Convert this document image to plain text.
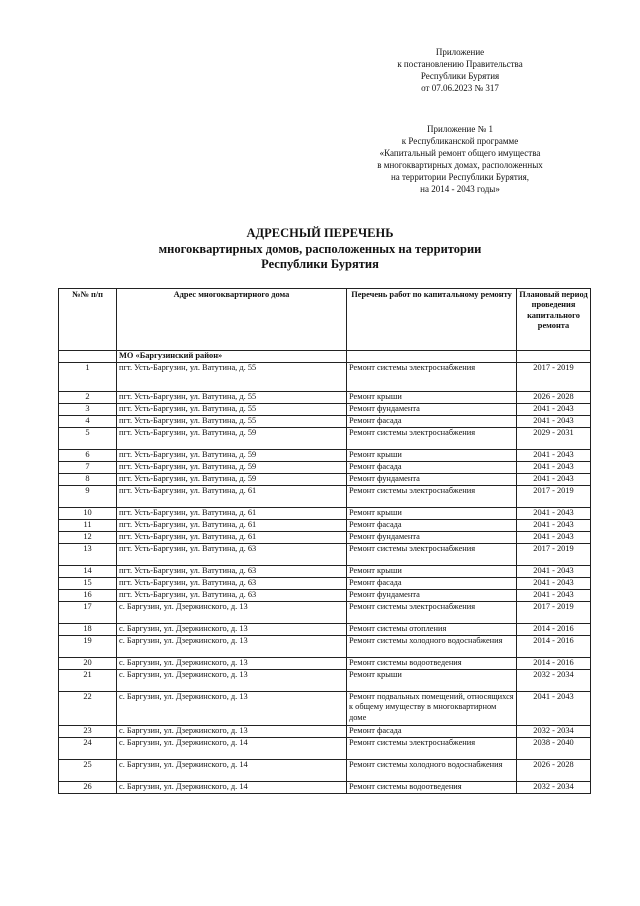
Приложение
к постановлению Правительства
Республики Бурятия
от 07.06.2023 № 317
Приложение № 1
к Республиканской программе
«Капитальный ремонт общего имущества
в многоквартирных домах, расположенных
на территории Республики Бурятия,
на 2014 - 2043 годы»
АДРЕСНЫЙ ПЕРЕЧЕНЬ
многоквартирных домов, расположенных на территории
Республики Бурятия
№№ п/п	Адрес многоквартирного дома	Перечень работ по капитальному ремонту	Плановый период проведения капитального ремонта
	МО «Баргузинский район»		
1	пгт. Усть-Баргузин, ул. Ватутина, д. 55	Ремонт системы электроснабжения	2017 - 2019
2	пгт. Усть-Баргузин, ул. Ватутина, д. 55	Ремонт крыши	2026 - 2028
3	пгт. Усть-Баргузин, ул. Ватутина, д. 55	Ремонт фундамента	2041 - 2043
4	пгт. Усть-Баргузин, ул. Ватутина, д. 55	Ремонт фасада	2041 - 2043
5	пгт. Усть-Баргузин, ул. Ватутина, д. 59	Ремонт системы электроснабжения	2029 - 2031
6	пгт. Усть-Баргузин, ул. Ватутина, д. 59	Ремонт крыши	2041 - 2043
7	пгт. Усть-Баргузин, ул. Ватутина, д. 59	Ремонт фасада	2041 - 2043
8	пгт. Усть-Баргузин, ул. Ватутина, д. 59	Ремонт фундамента	2041 - 2043
9	пгт. Усть-Баргузин, ул. Ватутина, д. 61	Ремонт системы электроснабжения	2017 - 2019
10	пгт. Усть-Баргузин, ул. Ватутина, д. 61	Ремонт крыши	2041 - 2043
11	пгт. Усть-Баргузин, ул. Ватутина, д. 61	Ремонт фасада	2041 - 2043
12	пгт. Усть-Баргузин, ул. Ватутина, д. 61	Ремонт фундамента	2041 - 2043
13	пгт. Усть-Баргузин, ул. Ватутина, д. 63	Ремонт системы электроснабжения	2017 - 2019
14	пгт. Усть-Баргузин, ул. Ватутина, д. 63	Ремонт крыши	2041 - 2043
15	пгт. Усть-Баргузин, ул. Ватутина, д. 63	Ремонт фасада	2041 - 2043
16	пгт. Усть-Баргузин, ул. Ватутина, д. 63	Ремонт фундамента	2041 - 2043
17	с. Баргузин, ул. Дзержинского, д. 13	Ремонт системы электроснабжения	2017 - 2019
18	с. Баргузин, ул. Дзержинского, д. 13	Ремонт системы отопления	2014 - 2016
19	с. Баргузин, ул. Дзержинского, д. 13	Ремонт системы холодного водоснабжения	2014 - 2016
20	с. Баргузин, ул. Дзержинского, д. 13	Ремонт системы водоотведения	2014 - 2016
21	с. Баргузин, ул. Дзержинского, д. 13	Ремонт крыши	2032 - 2034
22	с. Баргузин, ул. Дзержинского, д. 13	Ремонт подвальных помещений, относящихся к общему имуществу в многоквартирном доме	2041 - 2043
23	с. Баргузин, ул. Дзержинского, д. 13	Ремонт фасада	2032 - 2034
24	с. Баргузин, ул. Дзержинского, д. 14	Ремонт системы электроснабжения	2038 - 2040
25	с. Баргузин, ул. Дзержинского, д. 14	Ремонт системы холодного водоснабжения	2026 - 2028
26	с. Баргузин, ул. Дзержинского, д. 14	Ремонт системы водоотведения	2032 - 2034
